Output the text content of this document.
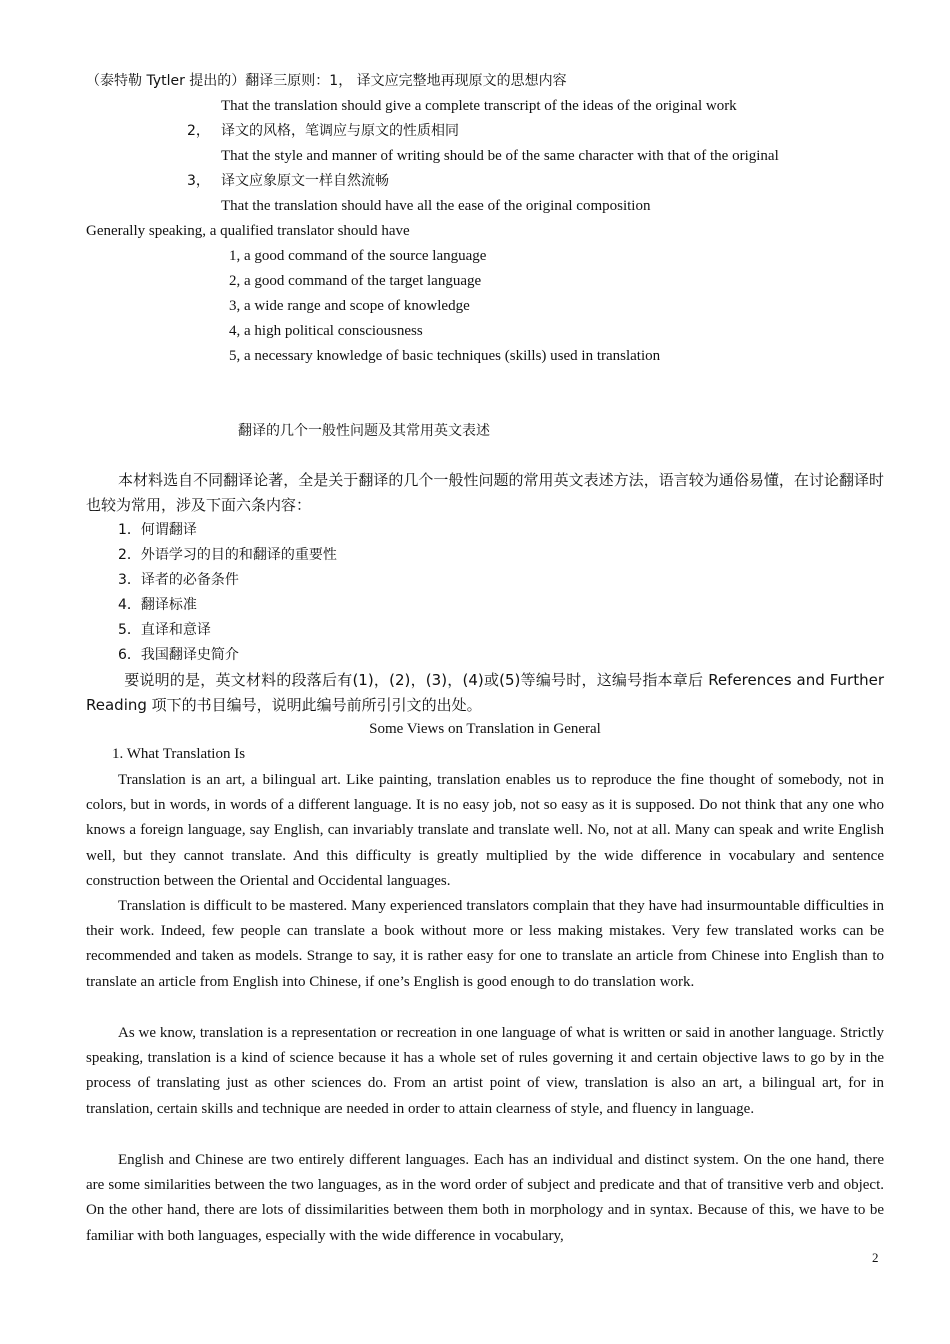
（泰特勒 Tytler 提出的）翻译三原则：1， 译文应完整地再现原文的思想内容
That the translation should give a complete transcript of the ideas of the original work
2， 译文的风格，笔调应与原文的性质相同
That the style and manner of writing should be of the same character with that of the original
3， 译文应象原文一样自然流畅
That the translation should have all the ease of the original composition
Generally speaking, a qualified translator should have
1, a good command of the source language
2, a good command of the target language
3, a wide range and scope of knowledge
4, a high political consciousness
5, a necessary knowledge of basic techniques (skills) used in translation
翻译的几个一般性问题及其常用英文表述
本材料选自不同翻译论著，全是关于翻译的几个一般性问题的常用英文表述方法，语言较为通俗易懂，在讨论翻译时也较为常用，涉及下面六条内容：
1．何谓翻译
2．外语学习的目的和翻译的重要性
3．译者的必备条件
4．翻译标准
5．直译和意译
6．我国翻译史简介
要说明的是，英文材料的段落后有(1)，(2)，(3)，(4)或(5)等编号时，这编号指本章后 References and Further Reading 项下的书目编号，说明此编号前所引引文的出处。
Some Views on Translation in General
1. What Translation Is
Translation is an art, a bilingual art. Like painting, translation enables us to reproduce the fine thought of somebody, not in colors, but in words, in words of a different language. It is no easy job, not so easy as it is supposed. Do not think that any one who knows a foreign language, say English, can invariably translate and translate well. No, not at all. Many can speak and write English well, but they cannot translate. And this difficulty is greatly multiplied by the wide difference in vocabulary and sentence construction between the Oriental and Occidental languages.
Translation is difficult to be mastered. Many experienced translators complain that they have had insurmountable difficulties in their work. Indeed, few people can translate a book without more or less making mistakes. Very few translated works can be recommended and taken as models. Strange to say, it is rather easy for one to translate an article from Chinese into English than to translate an article from English into Chinese, if one’s English is good enough to do translation work.
As we know, translation is a representation or recreation in one language of what is written or said in another language. Strictly speaking, translation is a kind of science because it has a whole set of rules governing it and certain objective laws to go by in the process of translating just as other sciences do. From an artist point of view, translation is also an art, a bilingual art, for in translation, certain skills and technique are needed in order to attain clearness of style, and fluency in language.
English and Chinese are two entirely different languages. Each has an individual and distinct system. On the one hand, there are some similarities between the two languages, as in the word order of subject and predicate and that of transitive verb and object. On the other hand, there are lots of dissimilarities between them both in morphology and in syntax. Because of this, we have to be familiar with both languages, especially with the wide difference in vocabulary,
2
